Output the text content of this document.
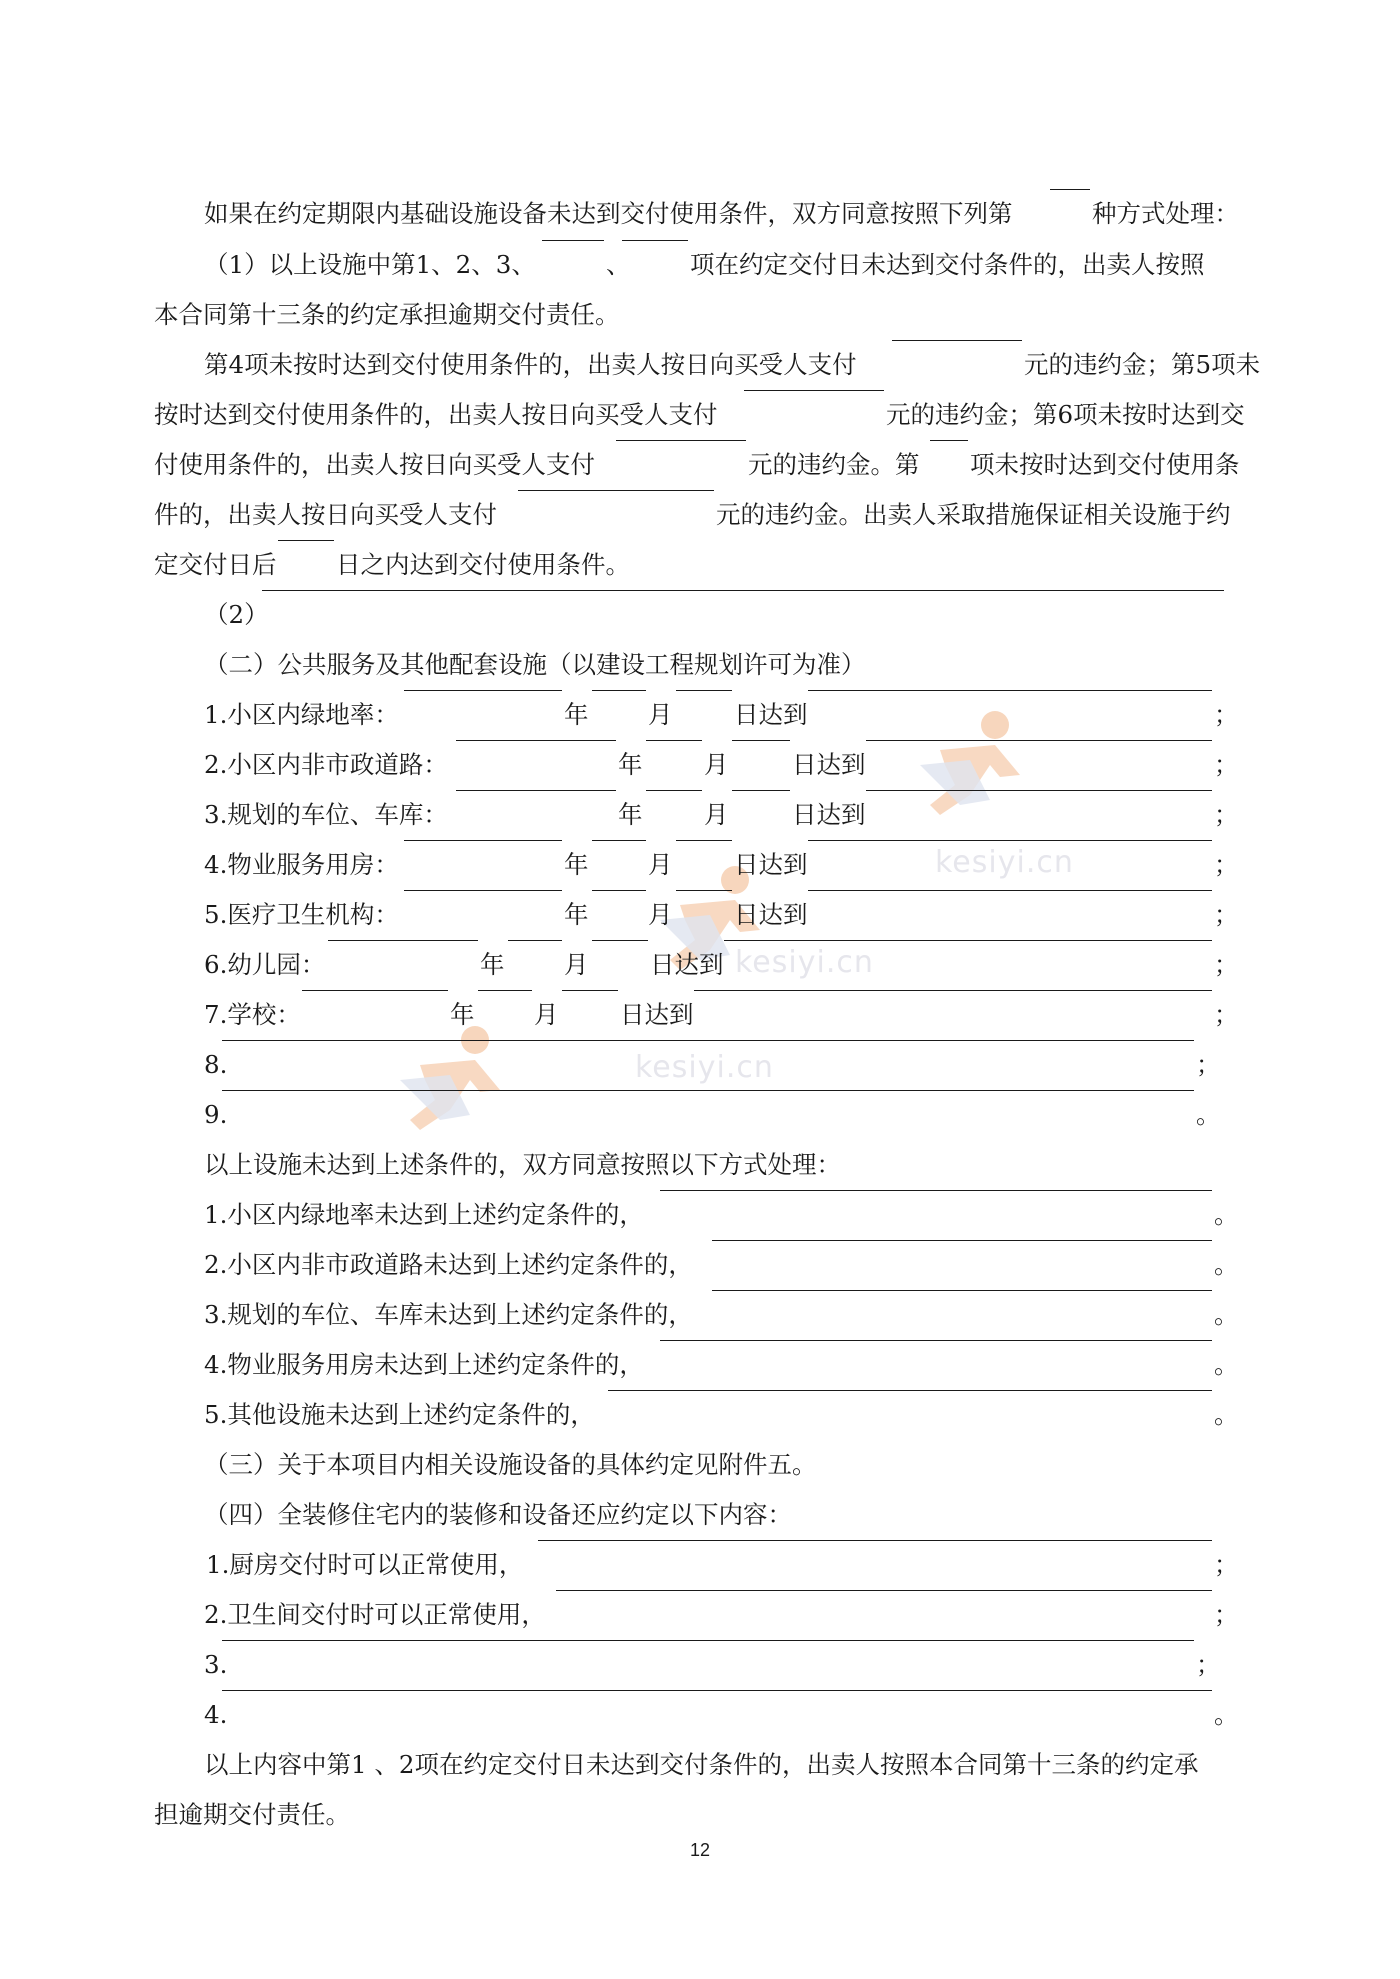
kesiyi.cn
kesiyi.cn
kesiyi.cn
如果在约定期限内基础设施设备未达到交付使用条件，双方同意按照下列第	种方式处理：
（1）以上设施中第1、2、3、	、 项在约定交付日未达到交付条件的，出卖人按照
本合同第十三条的约定承担逾期交付责任。
第4项未按时达到交付使用条件的，出卖人按日向买受人支付	元的违约金；第5项未
按时达到交付使用条件的，出卖人按日向买受人支付	元的违约金；第6项未按时达到交
付使用条件的，出卖人按日向买受人支付	元的违约金。第 项未按时达到交付使用条
件的，出卖人按日向买受人支付	元的违约金。出卖人采取措施保证相关设施于约
定交付日后 日之内达到交付使用条件。
（2）
（二）公共服务及其他配套设施（以建设工程规划许可为准）
1.小区内绿地率：	年 月	日达到	；
2.小区内非市政道路：	年	月	日达到	；
3.规划的车位、车库：	年	月	日达到	；
4.物业服务用房：	年 月	日达到	；
5.医疗卫生机构：	年 月	日达到	；
6.幼儿园：	年 月	日达到	；
7.学校：	年 月	日达到	；
8.	；
9.	。
以上设施未达到上述条件的，双方同意按照以下方式处理：
1.小区内绿地率未达到上述约定条件的，	。
2.小区内非市政道路未达到上述约定条件的，	。
3.规划的车位、车库未达到上述约定条件的，	。
4.物业服务用房未达到上述约定条件的，	。
5.其他设施未达到上述约定条件的，	。
（三）关于本项目内相关设施设备的具体约定见附件五。
（四）全装修住宅内的装修和设备还应约定以下内容：
1.厨房交付时可以正常使用，	；
2.卫生间交付时可以正常使用，	；
3.	；
4.	。
以上内容中第1 、2项在约定交付日未达到交付条件的，出卖人按照本合同第十三条的约定承
担逾期交付责任。
12
